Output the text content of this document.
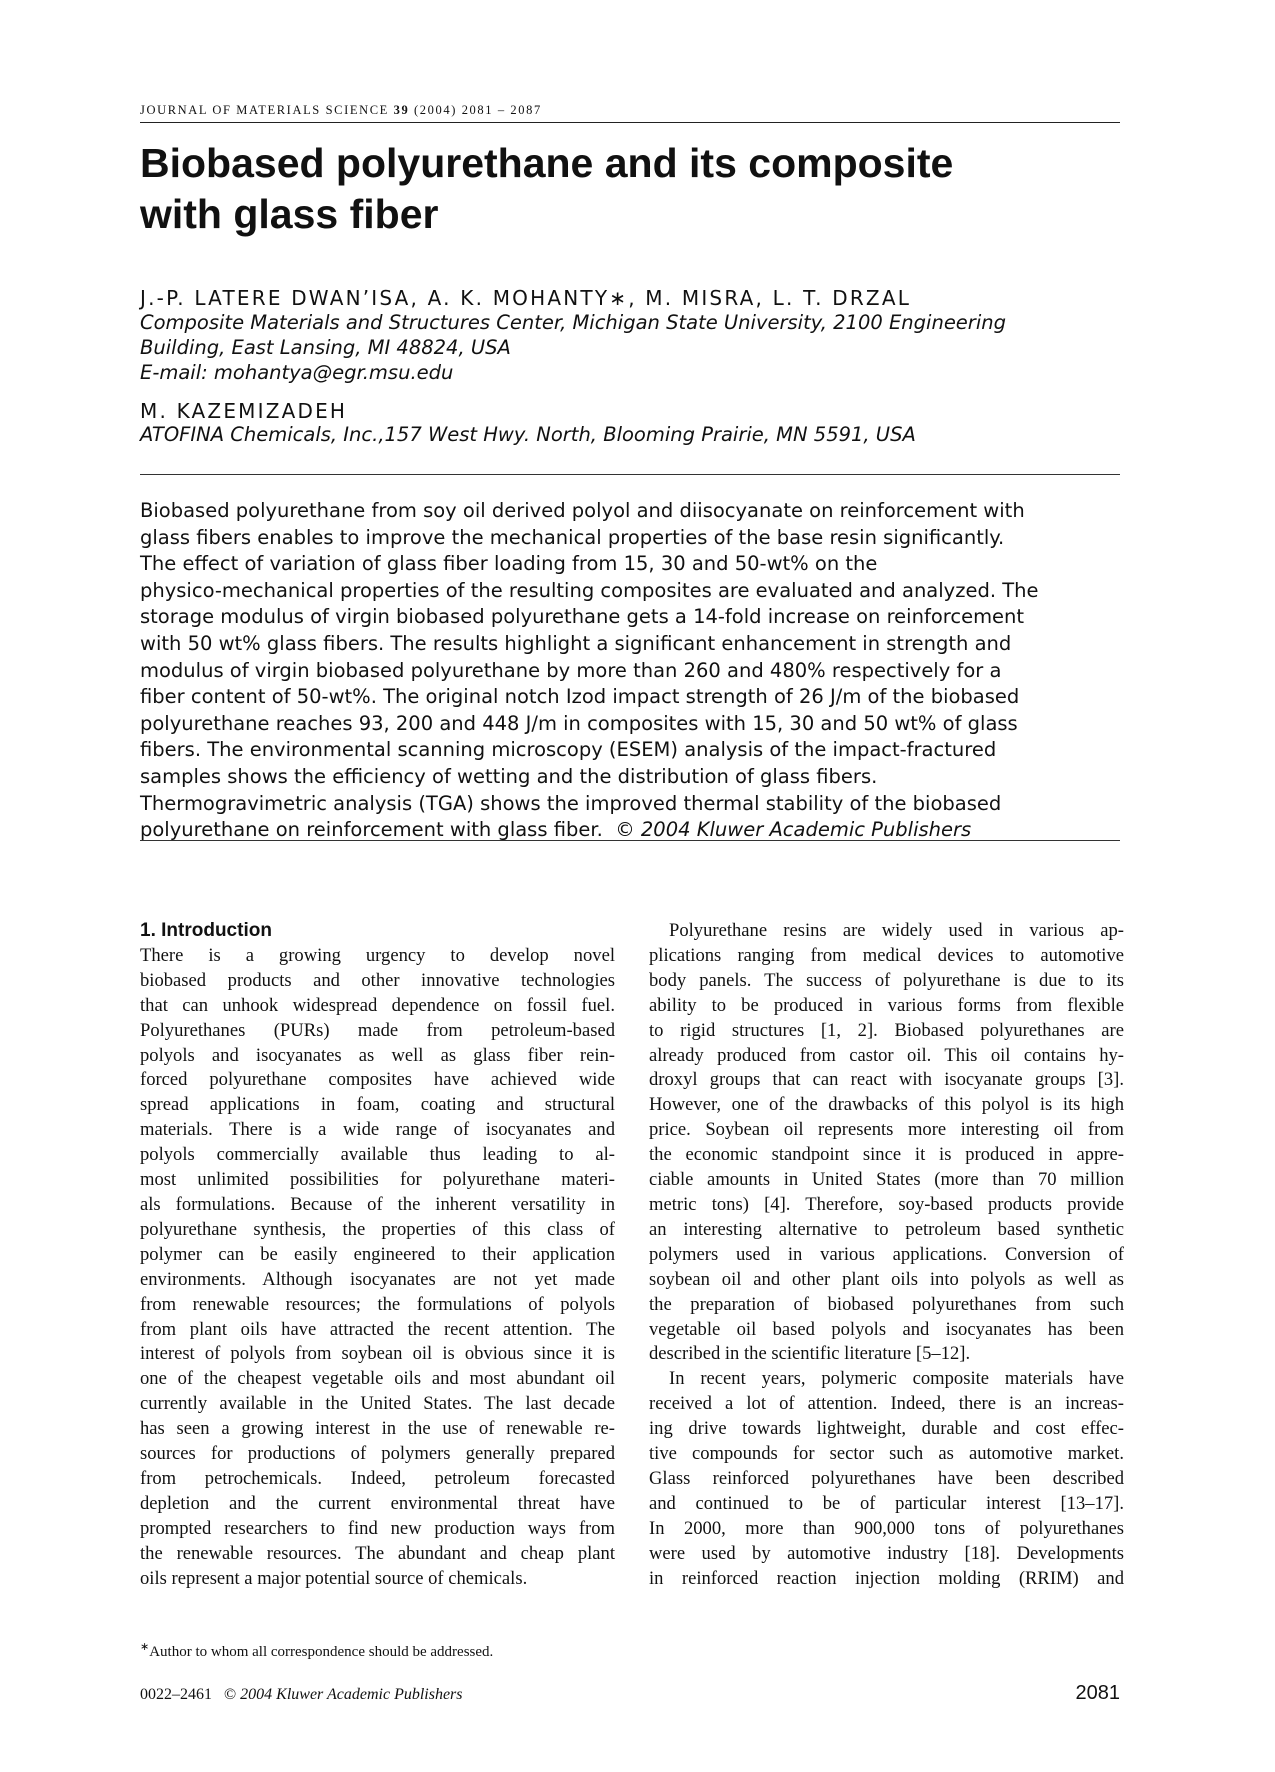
JOURNAL OF MATERIALS SCIENCE 39 (2004) 2081 – 2087
Biobased polyurethane and its composite
with glass fiber
J.-P. LATERE DWAN’ISA, A. K. MOHANTY∗, M. MISRA, L. T. DRZAL
Composite Materials and Structures Center, Michigan State University, 2100 Engineering
Building, East Lansing, MI 48824, USA
E-mail: mohantya@egr.msu.edu
M. KAZEMIZADEH
ATOFINA Chemicals, Inc.,157 West Hwy. North, Blooming Prairie, MN 5591, USA
Biobased polyurethane from soy oil derived polyol and diisocyanate on reinforcement with
glass fibers enables to improve the mechanical properties of the base resin significantly.
The effect of variation of glass fiber loading from 15, 30 and 50-wt% on the
physico-mechanical properties of the resulting composites are evaluated and analyzed. The
storage modulus of virgin biobased polyurethane gets a 14-fold increase on reinforcement
with 50 wt% glass fibers. The results highlight a significant enhancement in strength and
modulus of virgin biobased polyurethane by more than 260 and 480% respectively for a
fiber content of 50-wt%. The original notch Izod impact strength of 26 J/m of the biobased
polyurethane reaches 93, 200 and 448 J/m in composites with 15, 30 and 50 wt% of glass
fibers. The environmental scanning microscopy (ESEM) analysis of the impact-fractured
samples shows the efficiency of wetting and the distribution of glass fibers.
Thermogravimetric analysis (TGA) shows the improved thermal stability of the biobased
polyurethane on reinforcement with glass fiber. © 2004 Kluwer Academic Publishers
1. Introduction
There is a growing urgency to develop novel
biobased products and other innovative technologies
that can unhook widespread dependence on fossil fuel.
Polyurethanes (PURs) made from petroleum-based
polyols and isocyanates as well as glass fiber rein-
forced polyurethane composites have achieved wide
spread applications in foam, coating and structural
materials. There is a wide range of isocyanates and
polyols commercially available thus leading to al-
most unlimited possibilities for polyurethane materi-
als formulations. Because of the inherent versatility in
polyurethane synthesis, the properties of this class of
polymer can be easily engineered to their application
environments. Although isocyanates are not yet made
from renewable resources; the formulations of polyols
from plant oils have attracted the recent attention. The
interest of polyols from soybean oil is obvious since it is
one of the cheapest vegetable oils and most abundant oil
currently available in the United States. The last decade
has seen a growing interest in the use of renewable re-
sources for productions of polymers generally prepared
from petrochemicals. Indeed, petroleum forecasted
depletion and the current environmental threat have
prompted researchers to find new production ways from
the renewable resources. The abundant and cheap plant
oils represent a major potential source of chemicals.
Polyurethane resins are widely used in various ap-
plications ranging from medical devices to automotive
body panels. The success of polyurethane is due to its
ability to be produced in various forms from flexible
to rigid structures [1, 2]. Biobased polyurethanes are
already produced from castor oil. This oil contains hy-
droxyl groups that can react with isocyanate groups [3].
However, one of the drawbacks of this polyol is its high
price. Soybean oil represents more interesting oil from
the economic standpoint since it is produced in appre-
ciable amounts in United States (more than 70 million
metric tons) [4]. Therefore, soy-based products provide
an interesting alternative to petroleum based synthetic
polymers used in various applications. Conversion of
soybean oil and other plant oils into polyols as well as
the preparation of biobased polyurethanes from such
vegetable oil based polyols and isocyanates has been
described in the scientific literature [5–12].
In recent years, polymeric composite materials have
received a lot of attention. Indeed, there is an increas-
ing drive towards lightweight, durable and cost effec-
tive compounds for sector such as automotive market.
Glass reinforced polyurethanes have been described
and continued to be of particular interest [13–17].
In 2000, more than 900,000 tons of polyurethanes
were used by automotive industry [18]. Developments
in reinforced reaction injection molding (RRIM) and
∗Author to whom all correspondence should be addressed.
0022–2461 © 2004 Kluwer Academic Publishers	2081
